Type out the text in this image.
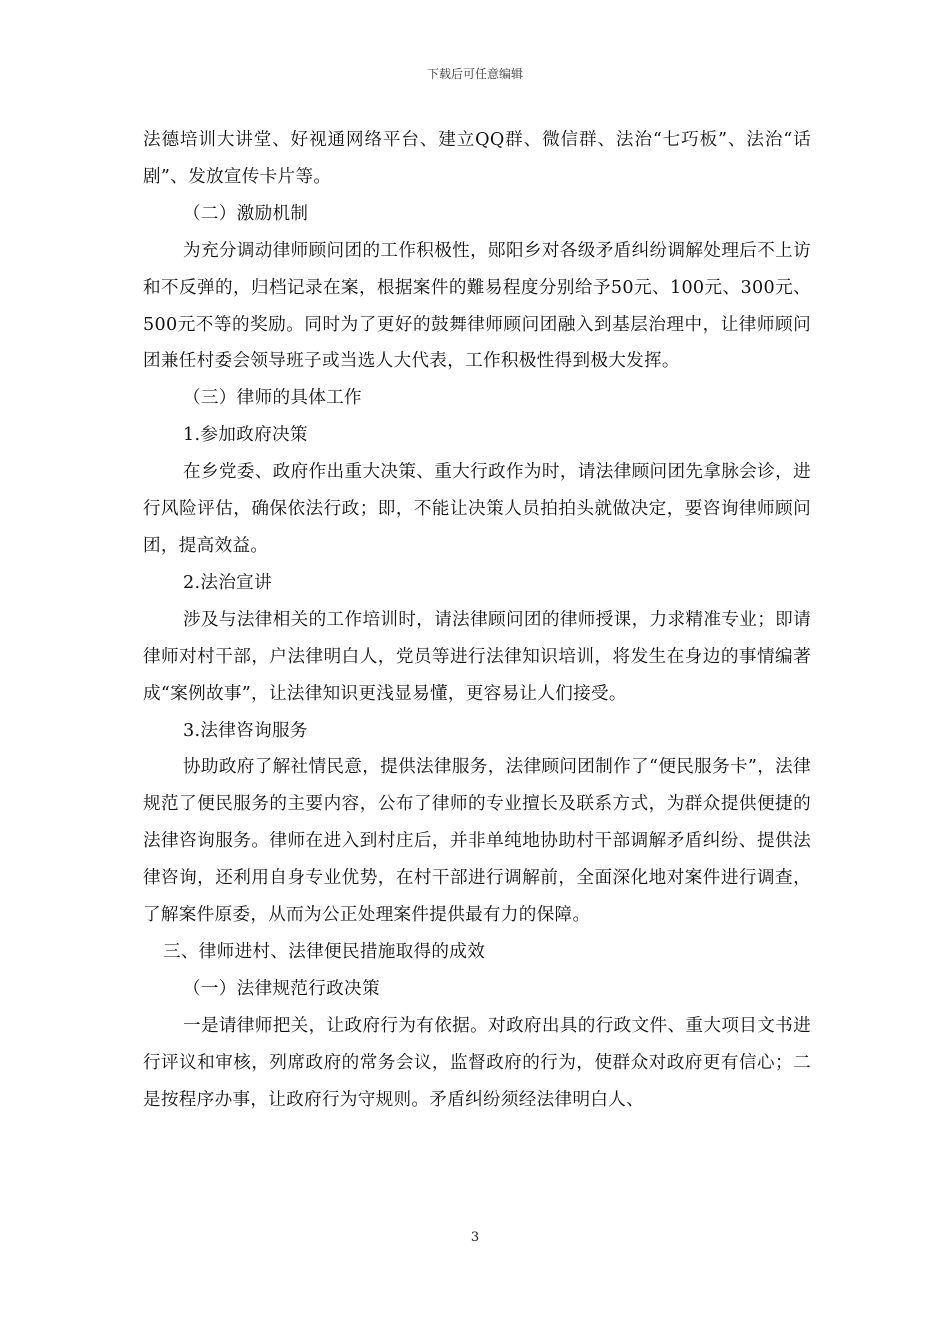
下载后可任意编辑

法德培训大讲堂、好视通网络平台、建立QQ群、微信群、法治“七巧板”、法治“话剧”、发放宣传卡片等。

（二）激励机制

为充分调动律师顾问团的工作积极性，郧阳乡对各级矛盾纠纷调解处理后不上访和不反弹的，归档记录在案，根据案件的難易程度分别给予50元、100元、300元、500元不等的奖励。同时为了更好的鼓舞律师顾问团融入到基层治理中，让律师顾问团兼任村委会领导班子或当选人大代表，工作积极性得到极大发挥。

（三）律师的具体工作

1.参加政府决策

在乡党委、政府作出重大决策、重大行政作为时，请法律顾问团先拿脉会诊，进行风险评估，确保依法行政；即，不能让决策人员拍拍头就做决定，要咨询律师顾问团，提高效益。

2.法治宣讲

涉及与法律相关的工作培训时，请法律顾问团的律师授课，力求精准专业；即请律师对村干部，户法律明白人，党员等进行法律知识培训，将发生在身边的事情编著成“案例故事”，让法律知识更浅显易懂，更容易让人们接受。

3.法律咨询服务

协助政府了解社情民意，提供法律服务，法律顾问团制作了“便民服务卡”，法律规范了便民服务的主要内容，公布了律师的专业擅长及联系方式，为群众提供便捷的法律咨询服务。律师在进入到村庄后，并非单纯地协助村干部调解矛盾纠纷、提供法律咨询，还利用自身专业优势，在村干部进行调解前，全面深化地对案件进行调查，了解案件原委，从而为公正处理案件提供最有力的保障。

三、律师进村、法律便民措施取得的成效

（一）法律规范行政决策

一是请律师把关，让政府行为有依据。对政府出具的行政文件、重大项目文书进行评议和审核，列席政府的常务会议，监督政府的行为，使群众对政府更有信心；二是按程序办事，让政府行为守规则。矛盾纠纷须经法律明白人、

3
